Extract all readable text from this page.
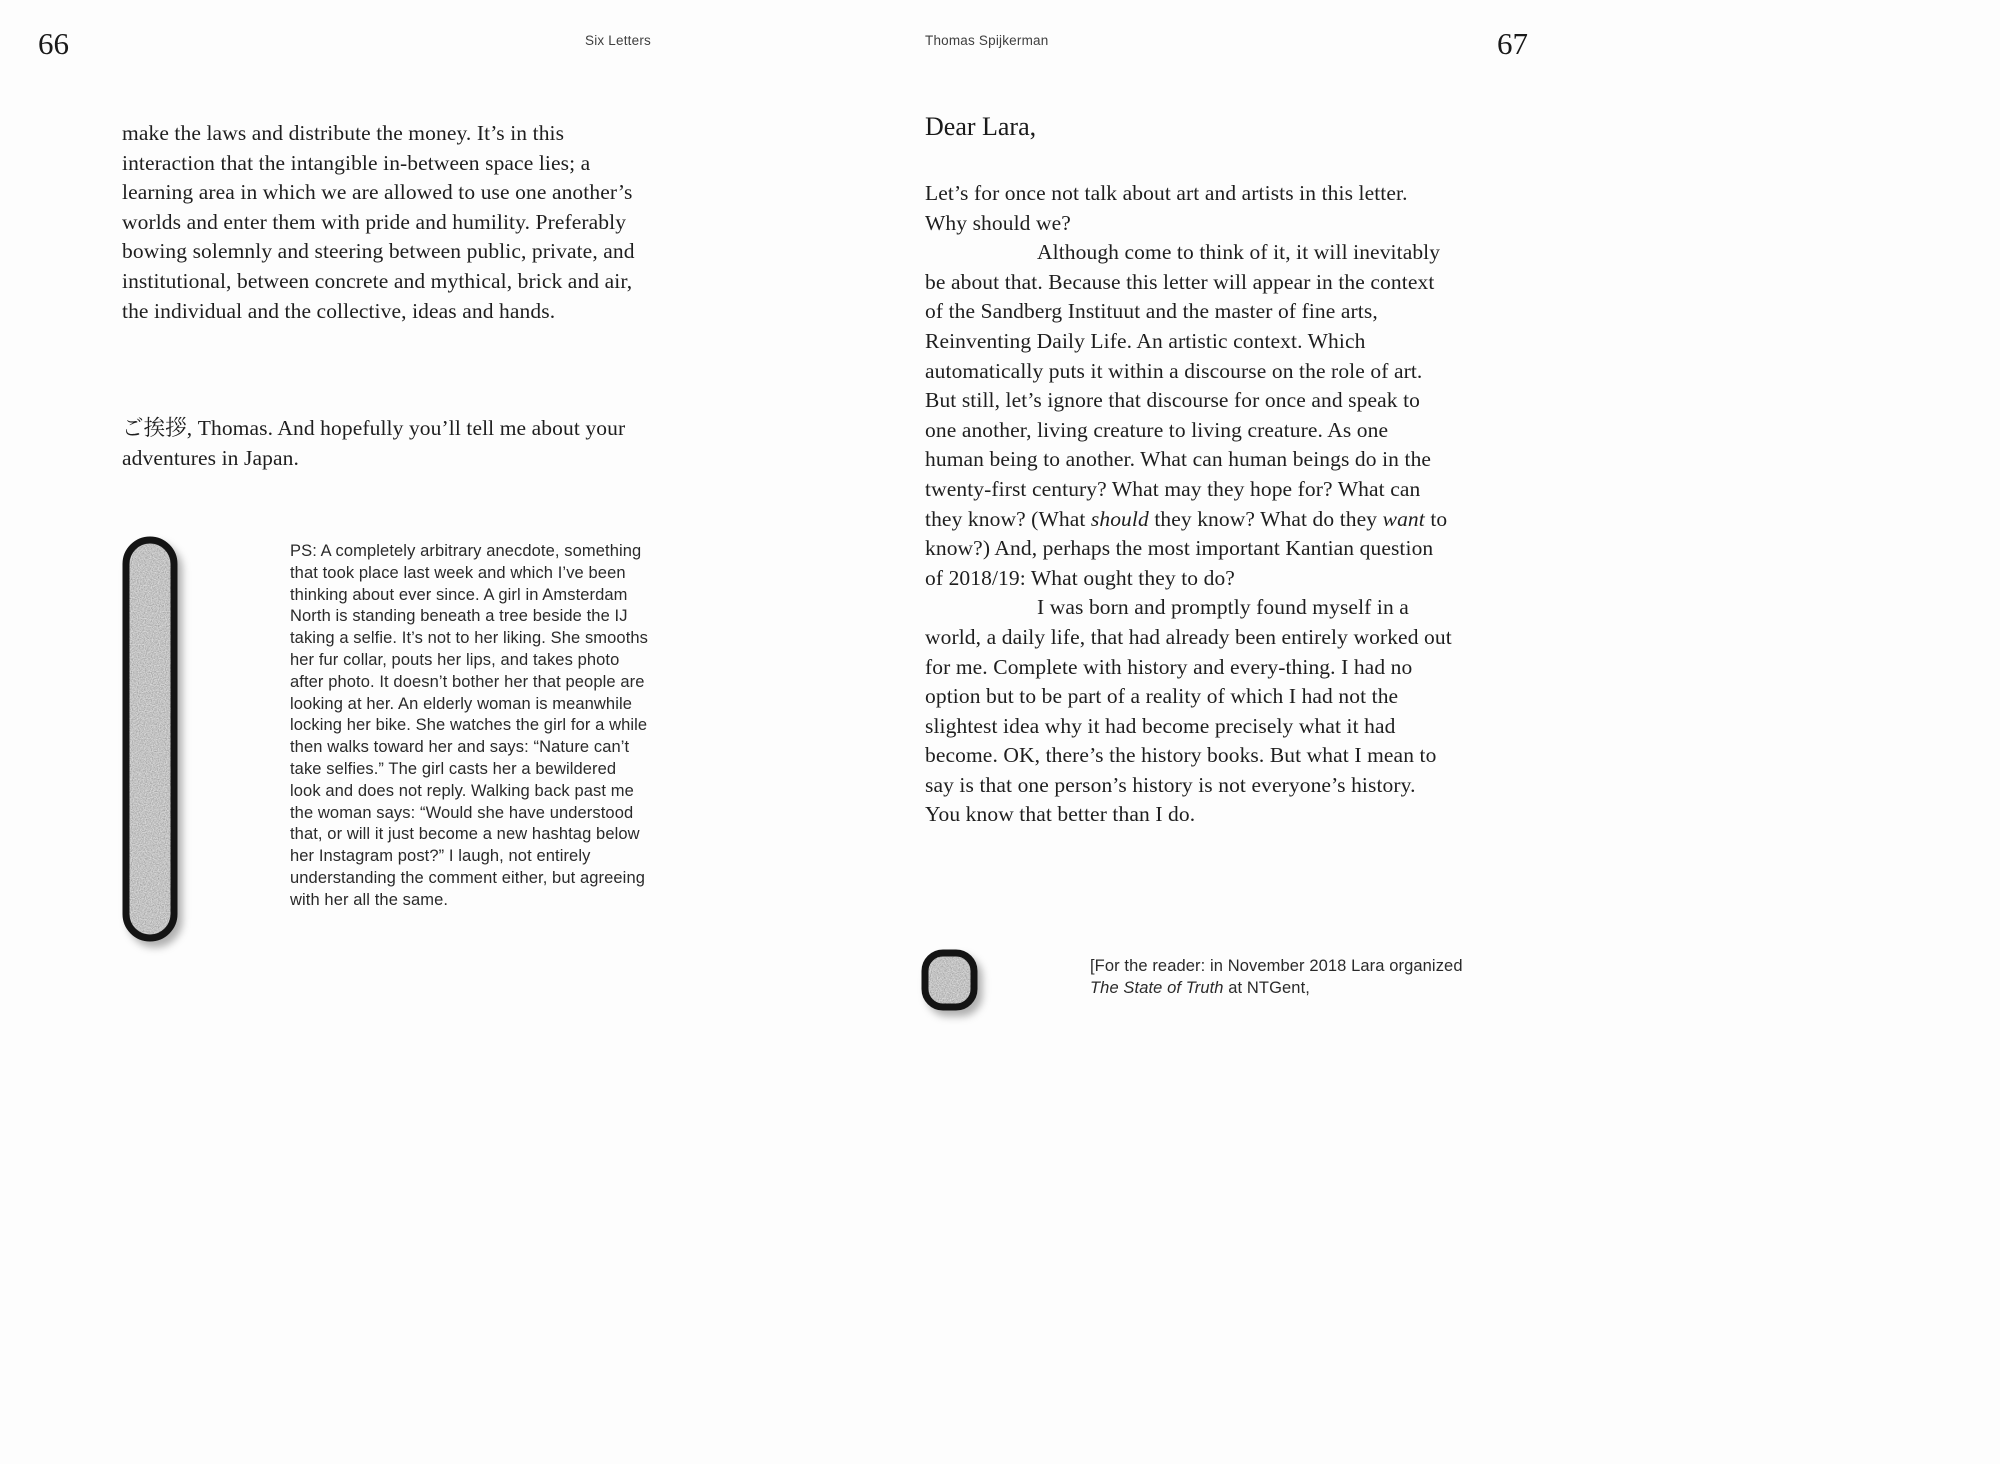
66	Six Letters	Thomas Spijkerman	67
make the laws and distribute the money. It’s in this interaction that the intangible in-between space lies; a learning area in which we are allowed to use one another’s worlds and enter them with pride and humility. Preferably bowing solemnly and steering between public, private, and institutional, between concrete and mythical, brick and air, the individual and the collective, ideas and hands.
ご挨拶, Thomas. And hopefully you’ll tell me about your adventures in Japan.
PS: A completely arbitrary anecdote, something that took place last week and which I’ve been thinking about ever since. A girl in Amsterdam North is standing beneath a tree beside the IJ taking a selfie. It’s not to her liking. She smooths her fur collar, pouts her lips, and takes photo after photo. It doesn’t bother her that people are looking at her. An elderly woman is meanwhile locking her bike. She watches the girl for a while then walks toward her and says: “Nature can’t take selfies.” The girl casts her a bewildered look and does not reply. Walking back past me the woman says: “Would she have understood that, or will it just become a new hashtag below her Instagram post?” I laugh, not entirely understanding the comment either, but agreeing with her all the same.
Dear Lara,

Let’s for once not talk about art and artists in this letter. Why should we?

Although come to think of it, it will inevitably be about that. Because this letter will appear in the context of the Sandberg Instituut and the master of fine arts, Reinventing Daily Life. An artistic context. Which automatically puts it within a discourse on the role of art. But still, let’s ignore that discourse for once and speak to one another, living creature to living creature. As one human being to another. What can human beings do in the twenty-first century? What may they hope for? What can they know? (What should they know? What do they want to know?) And, perhaps the most important Kantian question of 2018/19: What ought they to do?

I was born and promptly found myself in a world, a daily life, that had already been entirely worked out for me. Complete with history and every-thing. I had no option but to be part of a reality of which I had not the slightest idea why it had become precisely what it had become. OK, there’s the history books. But what I mean to say is that one person’s history is not everyone’s history. You know that better than I do.

[For the reader: in November 2018 Lara organized The State of Truth at NTGent,
